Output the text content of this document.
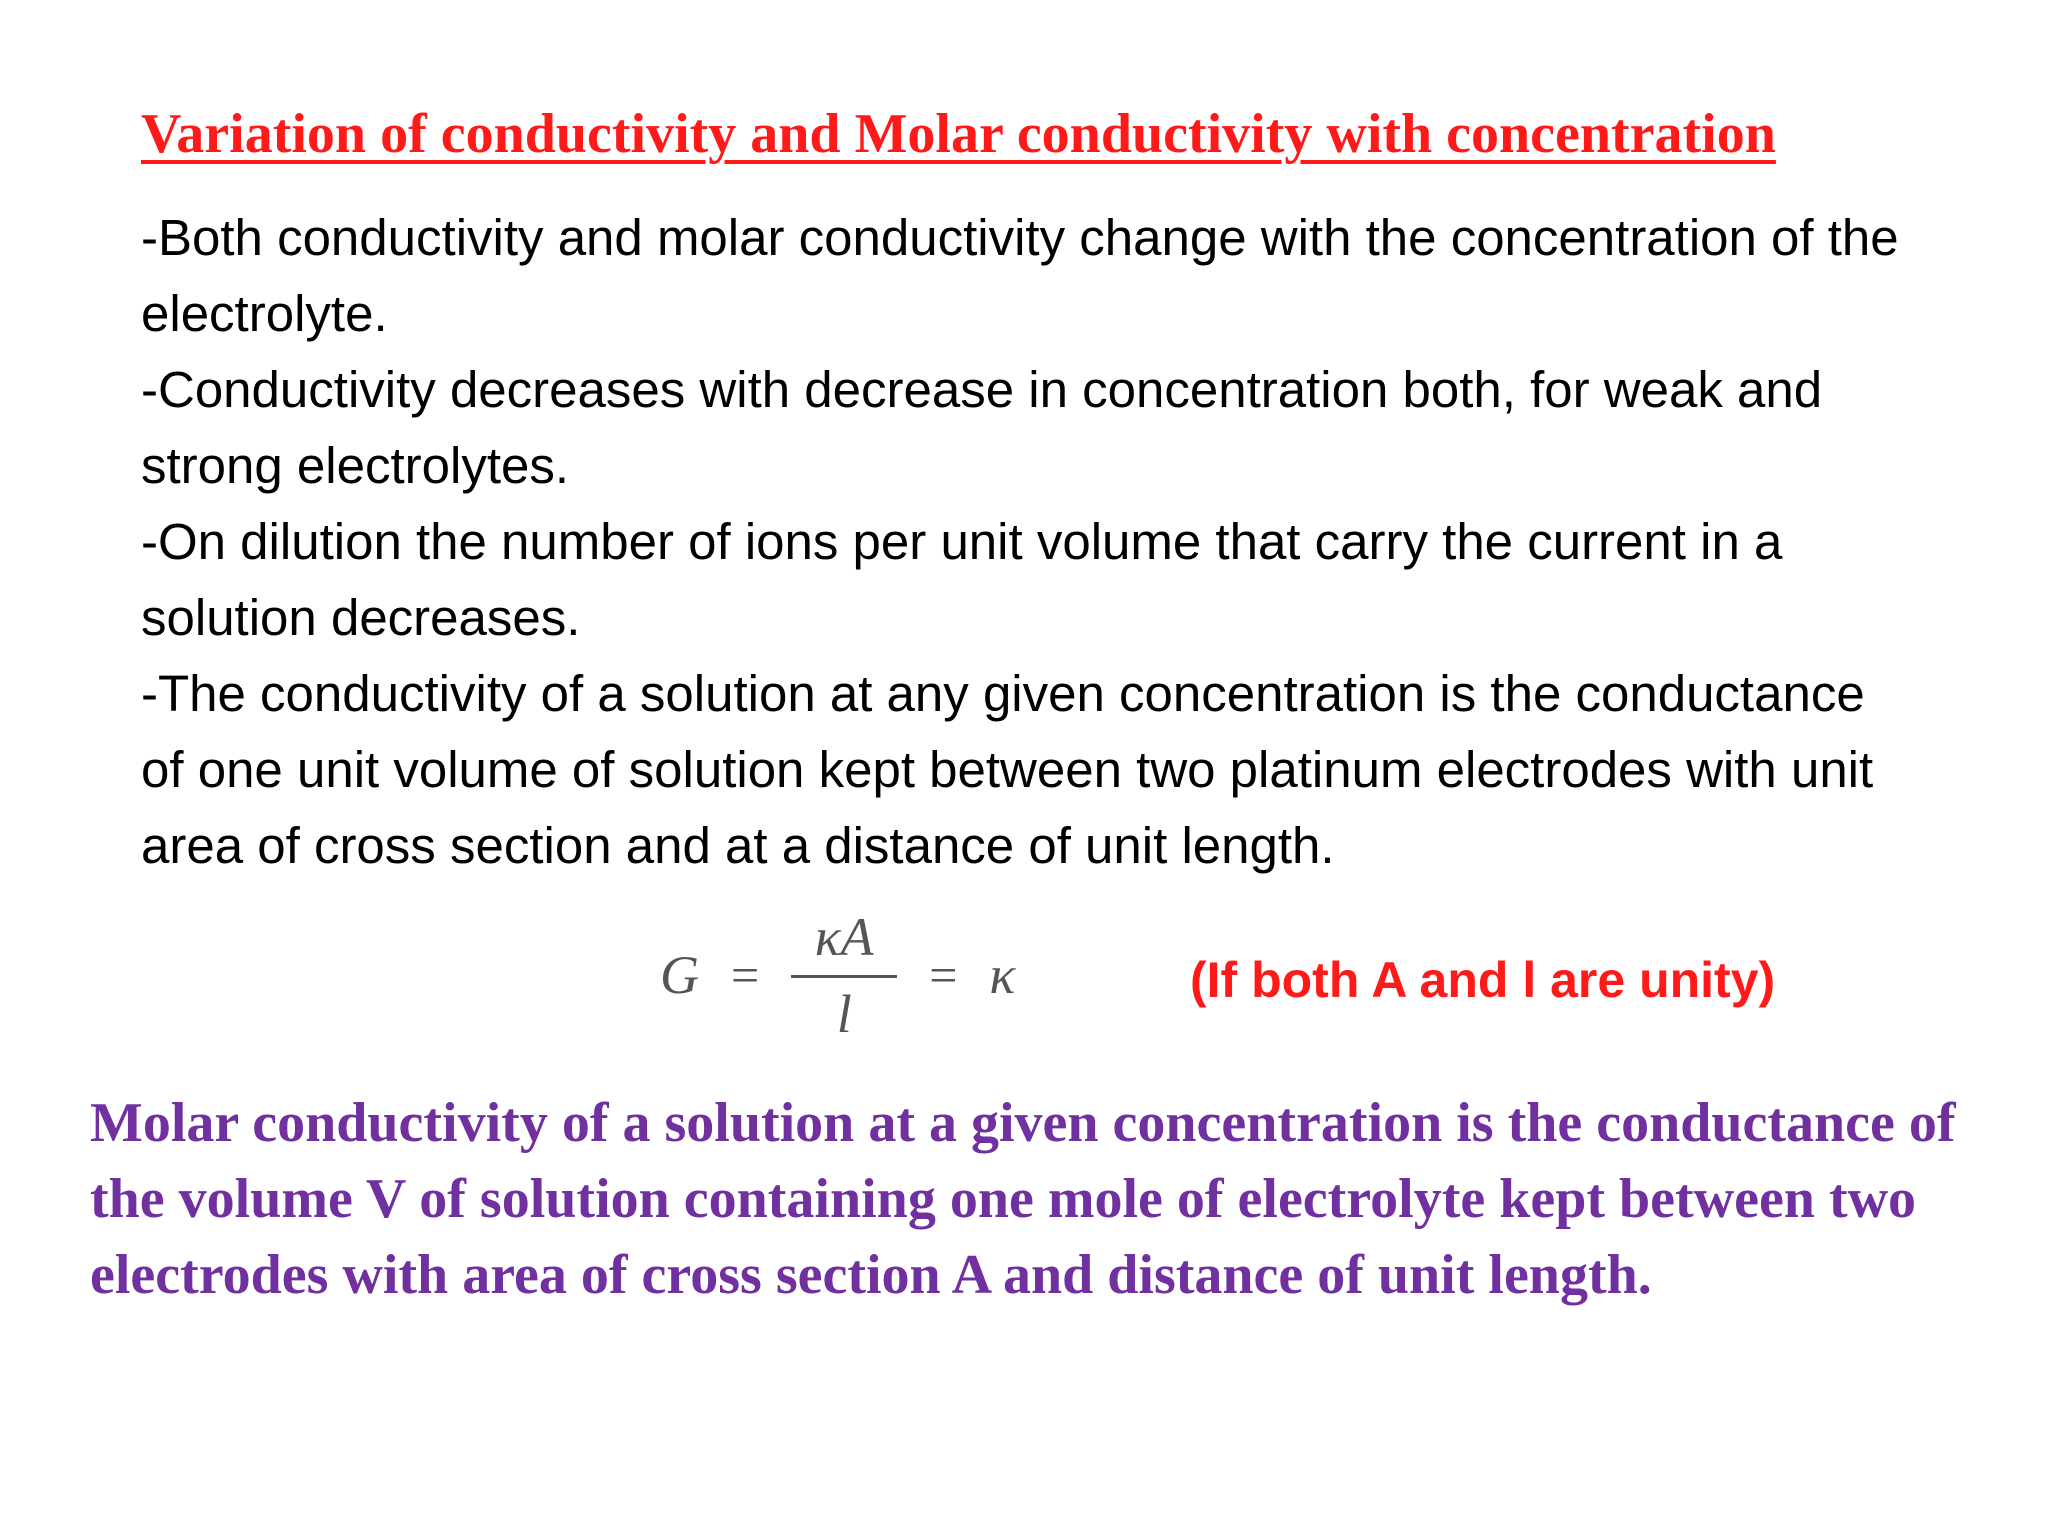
Variation of conductivity and Molar conductivity with concentration

-Both conductivity and molar conductivity change with the concentration of the electrolyte.

-Conductivity decreases with decrease in concentration both, for weak and strong electrolytes.

-On dilution the number of ions per unit volume that carry the current in a solution decreases.

-The conductivity of a solution at any given concentration is the conductance of one unit volume of solution kept between two platinum electrodes with unit area of cross section and at a distance of unit length.

$G = \frac{\kappa A}{l} = \kappa$	(If both A and l are unity)

Molar conductivity of a solution at a given concentration is the conductance of the volume V of solution containing one mole of electrolyte kept between two electrodes with area of cross section A and distance of unit length.
